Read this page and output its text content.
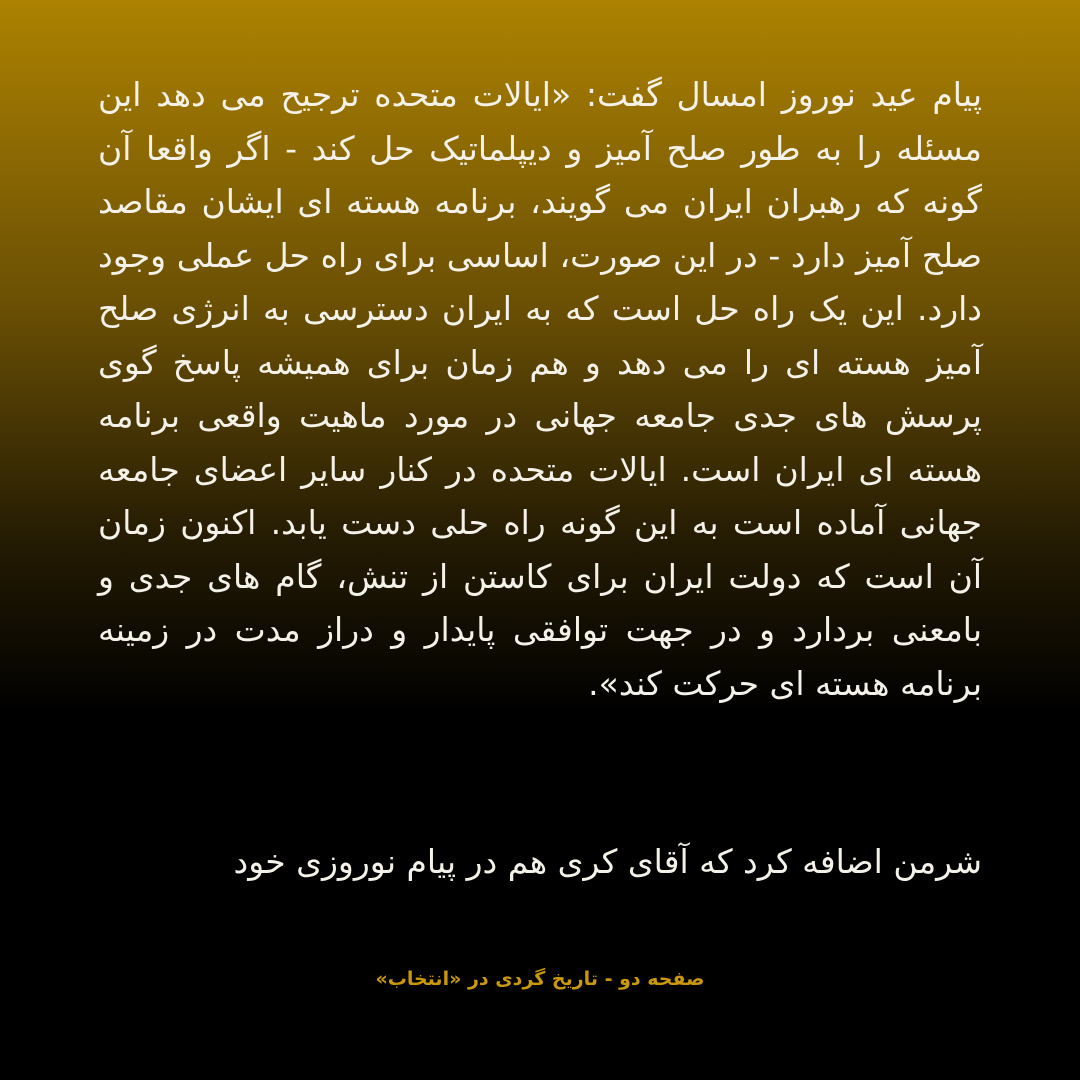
پیام عید نوروز امسال گفت: «ایالات متحده ترجیح می دهد این مسئله را به طور صلح آمیز و دیپلماتیک حل کند - اگر واقعا آن گونه که رهبران ایران می گویند، برنامه هسته ای ایشان مقاصد صلح آمیز دارد - در این صورت، اساسی برای راه حل عملی وجود دارد. این یک راه حل است که به ایران دسترسی به انرژی صلح آمیز هسته ای را می دهد و هم زمان برای همیشه پاسخ گوی پرسش های جدی جامعه جهانی در مورد ماهیت واقعی برنامه هسته ای ایران است. ایالات متحده در کنار سایر اعضای جامعه جهانی آماده است به این گونه راه حلی دست یابد. اکنون زمان آن است که دولت ایران برای کاستن از تنش، گام های جدی و بامعنی بردارد و در جهت توافقی پایدار و دراز مدت در زمینه برنامه هسته ای حرکت کند».

شرمن اضافه کرد که آقای کری هم در پیام نوروزی خود

صفحه دو - تاریخ گردی در «انتخاب»
